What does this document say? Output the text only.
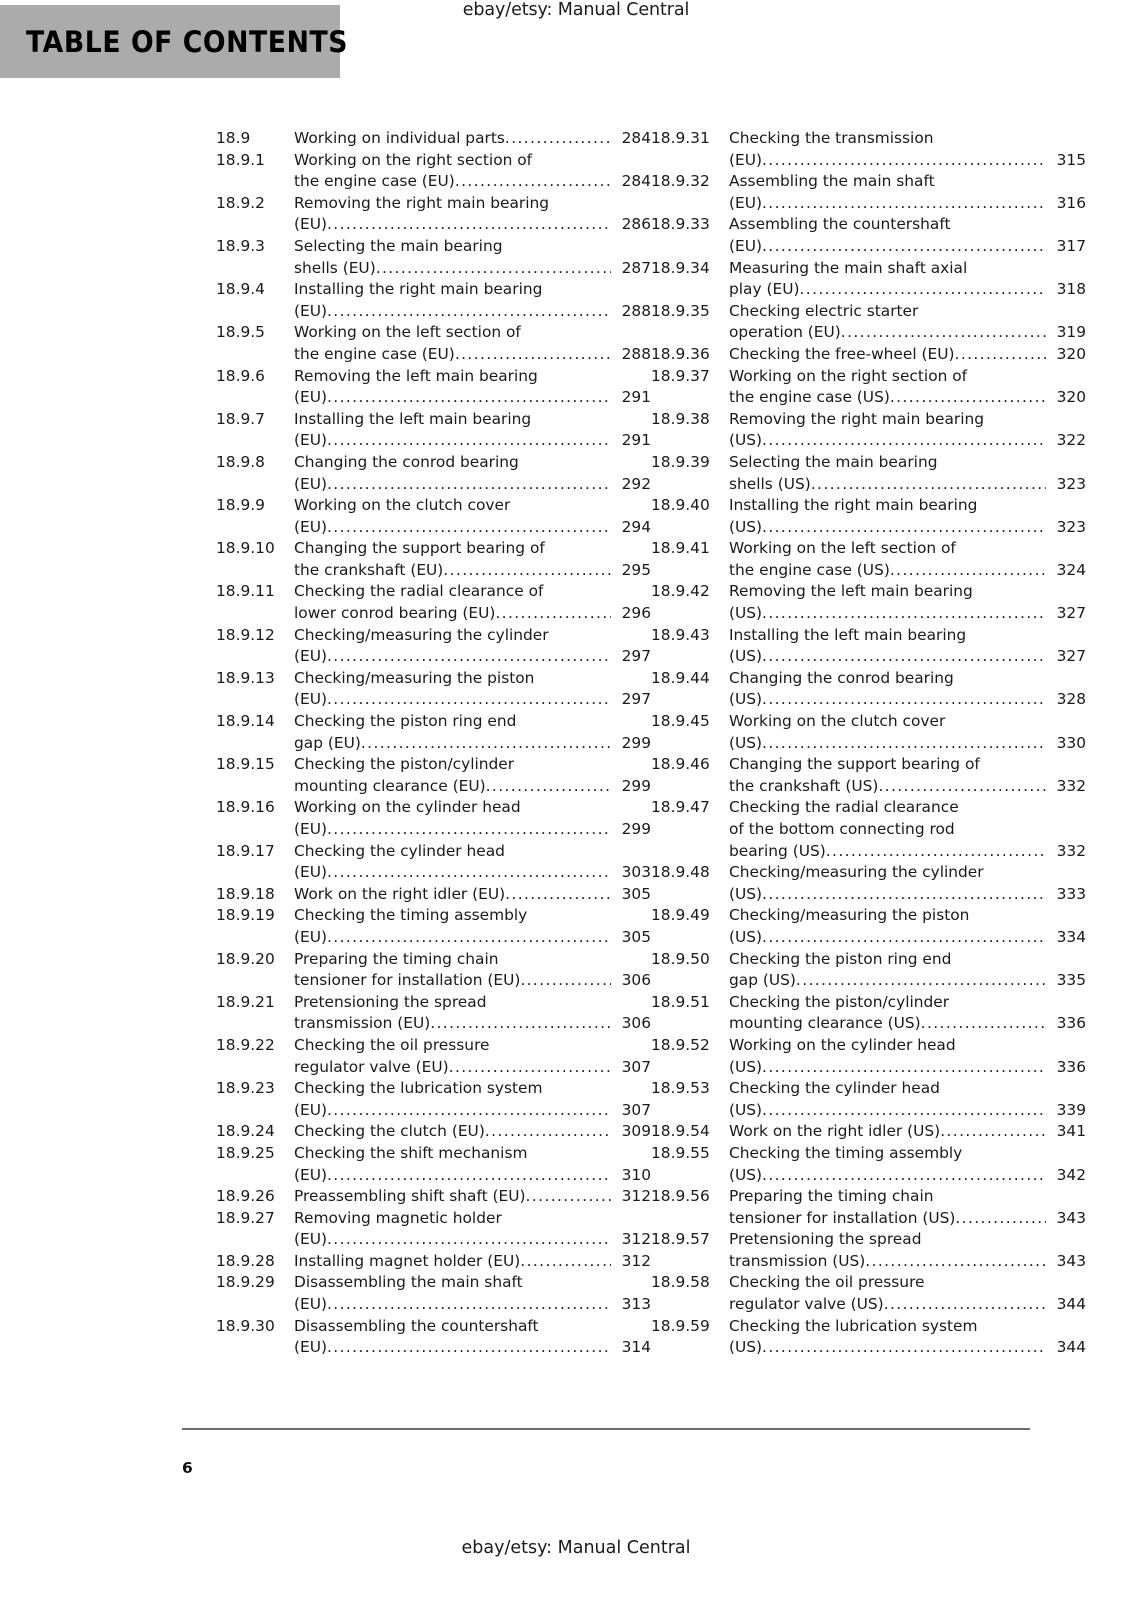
ebay/etsy: Manual Central
TABLE OF CONTENTS
18.9	Working on individual parts .....	284
18.9.1	Working on the right section of
the engine case (EU) .....	284
18.9.2	Removing the right main bearing
(EU) .....	286
18.9.3	Selecting the main bearing
shells (EU) .....	287
18.9.4	Installing the right main bearing
(EU) .....	288
18.9.5	Working on the left section of
the engine case (EU) .....	288
18.9.6	Removing the left main bearing
(EU) .....	291
18.9.7	Installing the left main bearing
(EU) .....	291
18.9.8	Changing the conrod bearing
(EU) .....	292
18.9.9	Working on the clutch cover
(EU) .....	294
18.9.10	Changing the support bearing of
the crankshaft (EU) .....	295
18.9.11	Checking the radial clearance of
lower conrod bearing (EU) .....	296
18.9.12	Checking/measuring the cylinder
(EU) .....	297
18.9.13	Checking/measuring the piston
(EU) .....	297
18.9.14	Checking the piston ring end
gap (EU) .....	299
18.9.15	Checking the piston/cylinder
mounting clearance (EU) .....	299
18.9.16	Working on the cylinder head
(EU) .....	299
18.9.17	Checking the cylinder head
(EU) .....	303
18.9.18	Work on the right idler (EU) .....	305
18.9.19	Checking the timing assembly
(EU) .....	305
18.9.20	Preparing the timing chain
tensioner for installation (EU) .....	306
18.9.21	Pretensioning the spread
transmission (EU) .....	306
18.9.22	Checking the oil pressure
regulator valve (EU) .....	307
18.9.23	Checking the lubrication system
(EU) .....	307
18.9.24	Checking the clutch (EU) .....	309
18.9.25	Checking the shift mechanism
(EU) .....	310
18.9.26	Preassembling shift shaft (EU) .....	312
18.9.27	Removing magnetic holder
(EU) .....	312
18.9.28	Installing magnet holder (EU) .....	312
18.9.29	Disassembling the main shaft
(EU) .....	313
18.9.30	Disassembling the countershaft
(EU) .....	314
18.9.31	Checking the transmission
(EU) .....	315
18.9.32	Assembling the main shaft
(EU) .....	316
18.9.33	Assembling the countershaft
(EU) .....	317
18.9.34	Measuring the main shaft axial
play (EU) .....	318
18.9.35	Checking electric starter
operation (EU) .....	319
18.9.36	Checking the free-wheel (EU) .....	320
18.9.37	Working on the right section of
the engine case (US) .....	320
18.9.38	Removing the right main bearing
(US) .....	322
18.9.39	Selecting the main bearing
shells (US) .....	323
18.9.40	Installing the right main bearing
(US) .....	323
18.9.41	Working on the left section of
the engine case (US) .....	324
18.9.42	Removing the left main bearing
(US) .....	327
18.9.43	Installing the left main bearing
(US) .....	327
18.9.44	Changing the conrod bearing
(US) .....	328
18.9.45	Working on the clutch cover
(US) .....	330
18.9.46	Changing the support bearing of
the crankshaft (US) .....	332
18.9.47	Checking the radial clearance
of the bottom connecting rod
bearing (US) .....	332
18.9.48	Checking/measuring the cylinder
(US) .....	333
18.9.49	Checking/measuring the piston
(US) .....	334
18.9.50	Checking the piston ring end
gap (US) .....	335
18.9.51	Checking the piston/cylinder
mounting clearance (US) .....	336
18.9.52	Working on the cylinder head
(US) .....	336
18.9.53	Checking the cylinder head
(US) .....	339
18.9.54	Work on the right idler (US) .....	341
18.9.55	Checking the timing assembly
(US) .....	342
18.9.56	Preparing the timing chain
tensioner for installation (US) .....	343
18.9.57	Pretensioning the spread
transmission (US) .....	343
18.9.58	Checking the oil pressure
regulator valve (US) .....	344
18.9.59	Checking the lubrication system
(US) .....	344
6
ebay/etsy: Manual Central
